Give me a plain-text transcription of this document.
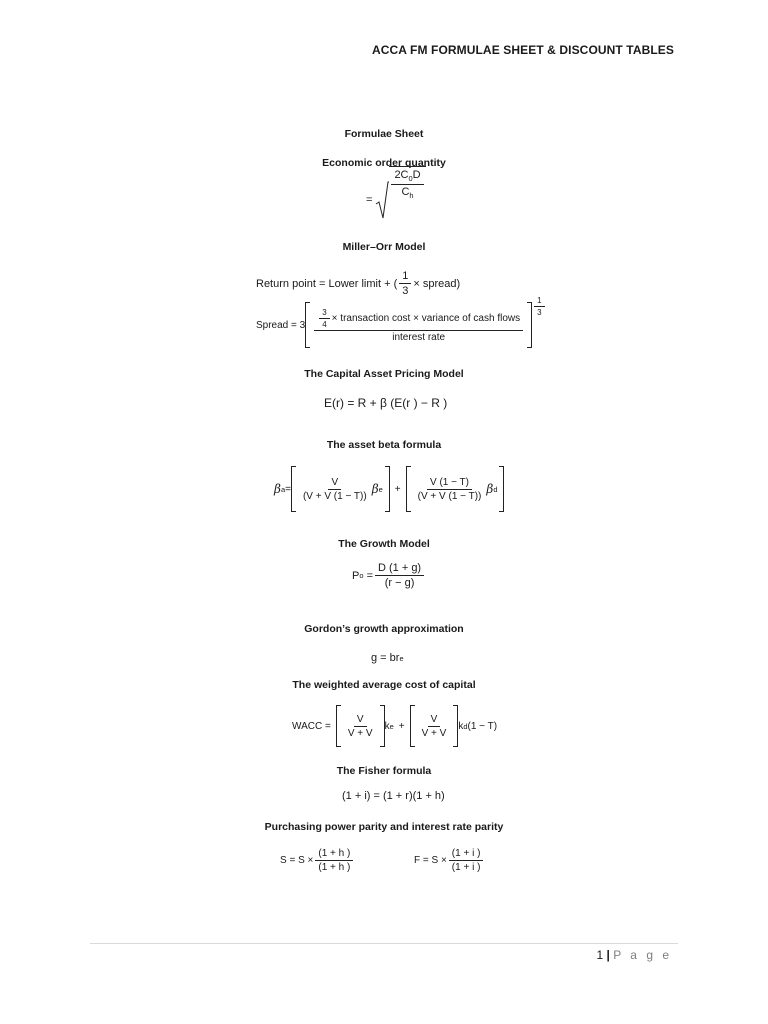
ACCA FM FORMULAE SHEET & DISCOUNT TABLES
Formulae Sheet
Economic order quantity
= $\frac{2C_0D}{C_h}$
Miller–Orr Model
Return point = Lower limit + ( $\frac{1}{3}$ × spread)
Spread = $3 \frac{\frac{3}{4} \times transaction \cos t \times variance of cash flows}{\text{interest rate}}$
$\frac{1}{3}$
The Capital Asset Pricing Model
E(r) = R + β (E(r ) − R )
The asset beta formula
β $a = \frac{V}{(V + V (1 - T))}$ β $e + \frac{V (1 - T)}{(V + V (1 - T))}$ β d
The Growth Model
P $o = \frac{D (1 + g)}{(r - g)}$
Gordon’s growth approximation
g = br e
The weighted average cost of capital
WACC = $\frac{V}{V + V}$ k $e + \frac{V}{V + V}$ k d (1 − T)
The Fisher formula
(1 + i) = (1 + r)(1 + h)
Purchasing power parity and interest rate parity
$S = S \times \frac{(1 + h )}{(1 + h )}$	$F = S \times \frac{(1 + i )}{(1 + i )}$
1 | P a g e
